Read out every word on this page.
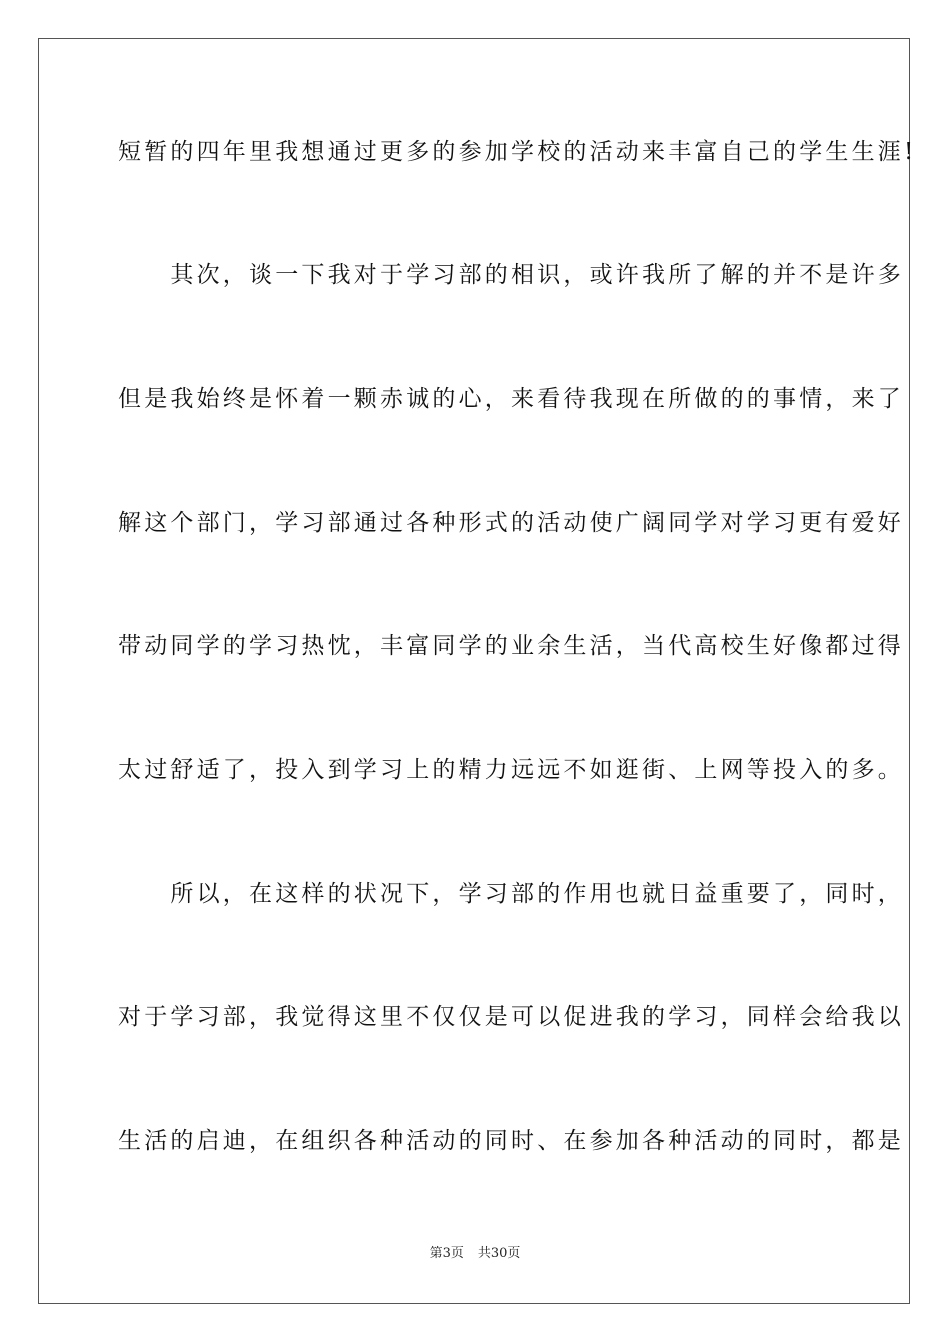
短暂的四年里我想通过更多的参加学校的活动来丰富自己的学生生涯!
　　其次，谈一下我对于学习部的相识，或许我所了解的并不是许多
但是我始终是怀着一颗赤诚的心，来看待我现在所做的的事情，来了
解这个部门，学习部通过各种形式的活动使广阔同学对学习更有爱好
带动同学的学习热忱，丰富同学的业余生活，当代高校生好像都过得
太过舒适了，投入到学习上的精力远远不如逛街、上网等投入的多。
　　所以，在这样的状况下，学习部的作用也就日益重要了，同时，
对于学习部，我觉得这里不仅仅是可以促进我的学习，同样会给我以
生活的启迪，在组织各种活动的同时、在参加各种活动的同时，都是
第3页 共30页
